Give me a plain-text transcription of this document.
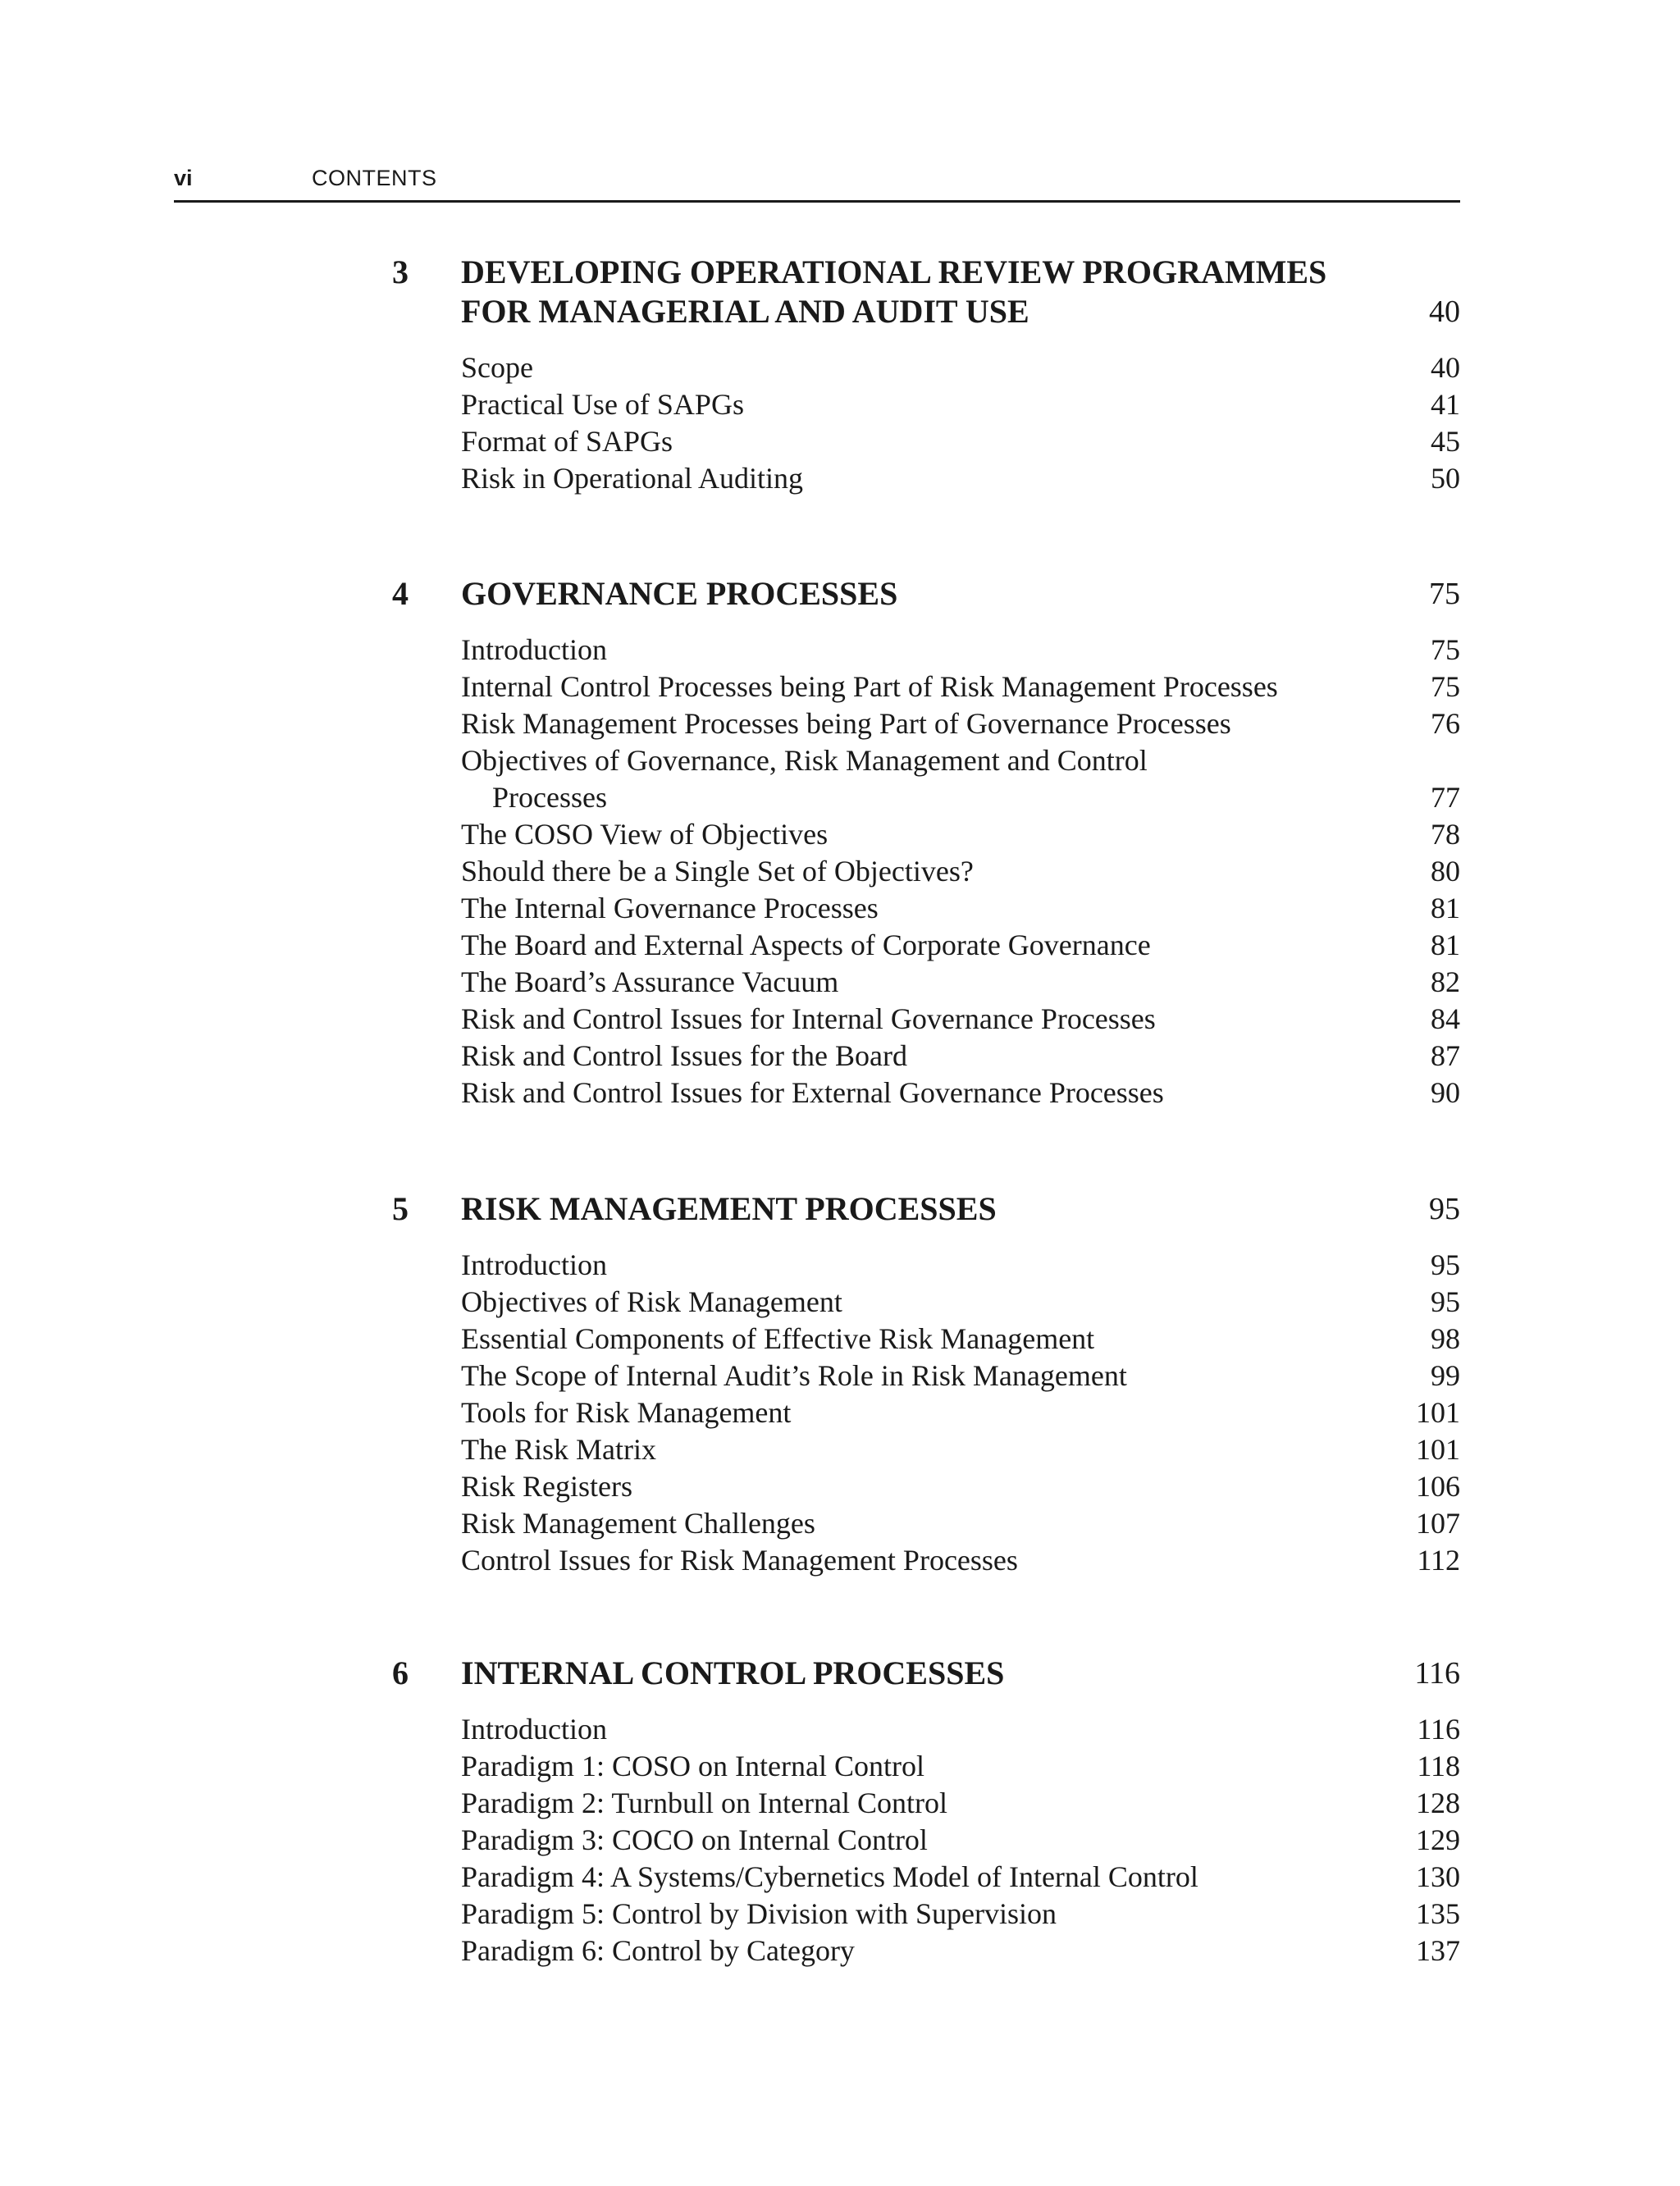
vi	CONTENTS
3 DEVELOPING OPERATIONAL REVIEW PROGRAMMES
FOR MANAGERIAL AND AUDIT USE	40
Scope	40
Practical Use of SAPGs	41
Format of SAPGs	45
Risk in Operational Auditing	50
4 GOVERNANCE PROCESSES	75
Introduction	75
Internal Control Processes being Part of Risk Management Processes	75
Risk Management Processes being Part of Governance Processes	76
Objectives of Governance, Risk Management and Control
Processes	77
The COSO View of Objectives	78
Should there be a Single Set of Objectives?	80
The Internal Governance Processes	81
The Board and External Aspects of Corporate Governance	81
The Board’s Assurance Vacuum	82
Risk and Control Issues for Internal Governance Processes	84
Risk and Control Issues for the Board	87
Risk and Control Issues for External Governance Processes	90
5 RISK MANAGEMENT PROCESSES	95
Introduction	95
Objectives of Risk Management	95
Essential Components of Effective Risk Management	98
The Scope of Internal Audit’s Role in Risk Management	99
Tools for Risk Management	101
The Risk Matrix	101
Risk Registers	106
Risk Management Challenges	107
Control Issues for Risk Management Processes	112
6 INTERNAL CONTROL PROCESSES	116
Introduction	116
Paradigm 1: COSO on Internal Control	118
Paradigm 2: Turnbull on Internal Control	128
Paradigm 3: COCO on Internal Control	129
Paradigm 4: A Systems/Cybernetics Model of Internal Control	130
Paradigm 5: Control by Division with Supervision	135
Paradigm 6: Control by Category	137
